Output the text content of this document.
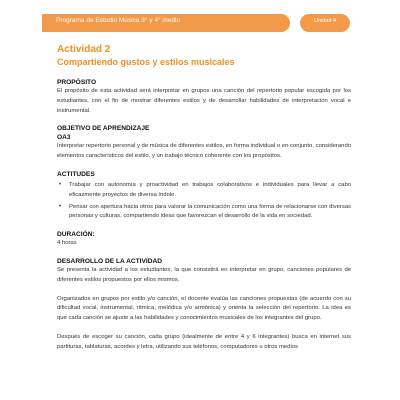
Programa de Estudio Música 3° y 4° medio	Unidad 4
Actividad 2
Compartiendo gustos y estilos musicales
PROPÓSITO

El propósito de esta actividad será interpretar en grupos una canción del repertorio popular escogida por los estudiantes, con el fin de mostrar diferentes estilos y de desarrollar habilidades de interpretación vocal e instrumental.

OBJETIVO DE APRENDIZAJE
OA3

Interpretar repertorio personal y de música de diferentes estilos, en forma individual o en conjunto, considerando elementos característicos del estilo, y un trabajo técnico coherente con los propósitos.

ACTITUDES
• Trabajar con autonomía y proactividad en trabajos colaborativos e individuales para llevar a cabo eficazmente proyectos de diversa índole.
• Pensar con apertura hacia otros para valorar la comunicación como una forma de relacionarse con diversas personas y culturas, compartiendo ideas que favorezcan el desarrollo de la vida en sociedad.
DURACIÓN:

4 horas

DESARROLLO DE LA ACTIVIDAD

Se presenta la actividad a los estudiantes, la que consistirá en interpretar en grupo, canciones populares de diferentes estilos propuestos por ellos mismos.

Organizados en grupos por estilo y/o canción, el docente evalúa las canciones propuestas (de acuerdo con su dificultad vocal, instrumental, rítmica, melódica y/o armónica) y orienta la selección del repertorio. La idea es que cada canción se ajuste a las habilidades y conocimientos musicales de los integrantes del grupo.

Después de escoger su canción, cada grupo (idealmente de entre 4 y 6 integrantes) busca en internet sus partituras, tablaturas, acordes y letra, utilizando sus teléfonos, computadores u otros medios
